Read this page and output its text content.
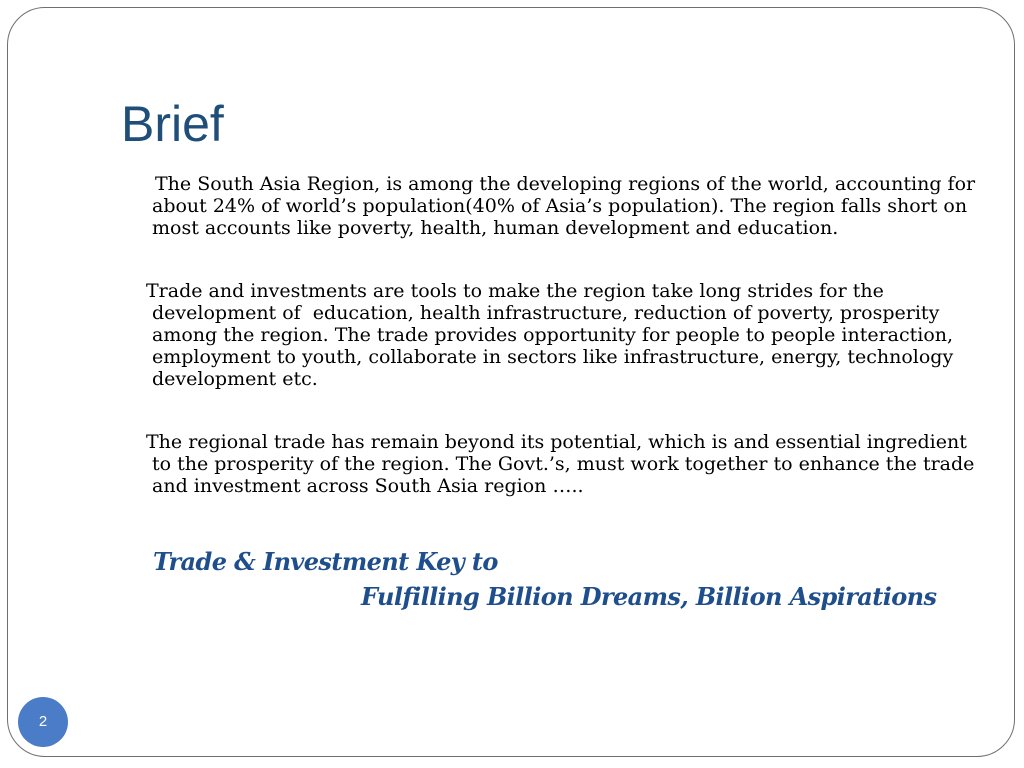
Brief

The South Asia Region, is among the developing regions of the world, accounting for about 24% of world’s population(40% of Asia’s population). The region falls short on most accounts like poverty, health, human development and education.

Trade and investments are tools to make the region take long strides for the development of  education, health infrastructure, reduction of poverty, prosperity among the region. The trade provides opportunity for people to people interaction, employment to youth, collaborate in sectors like infrastructure, energy, technology development etc.

The regional trade has remain beyond its potential, which is and essential ingredient to the prosperity of the region. The Govt.’s, must work together to enhance the trade and investment across South Asia region …..

Trade & Investment Key to

Fulfilling Billion Dreams, Billion Aspirations

2
